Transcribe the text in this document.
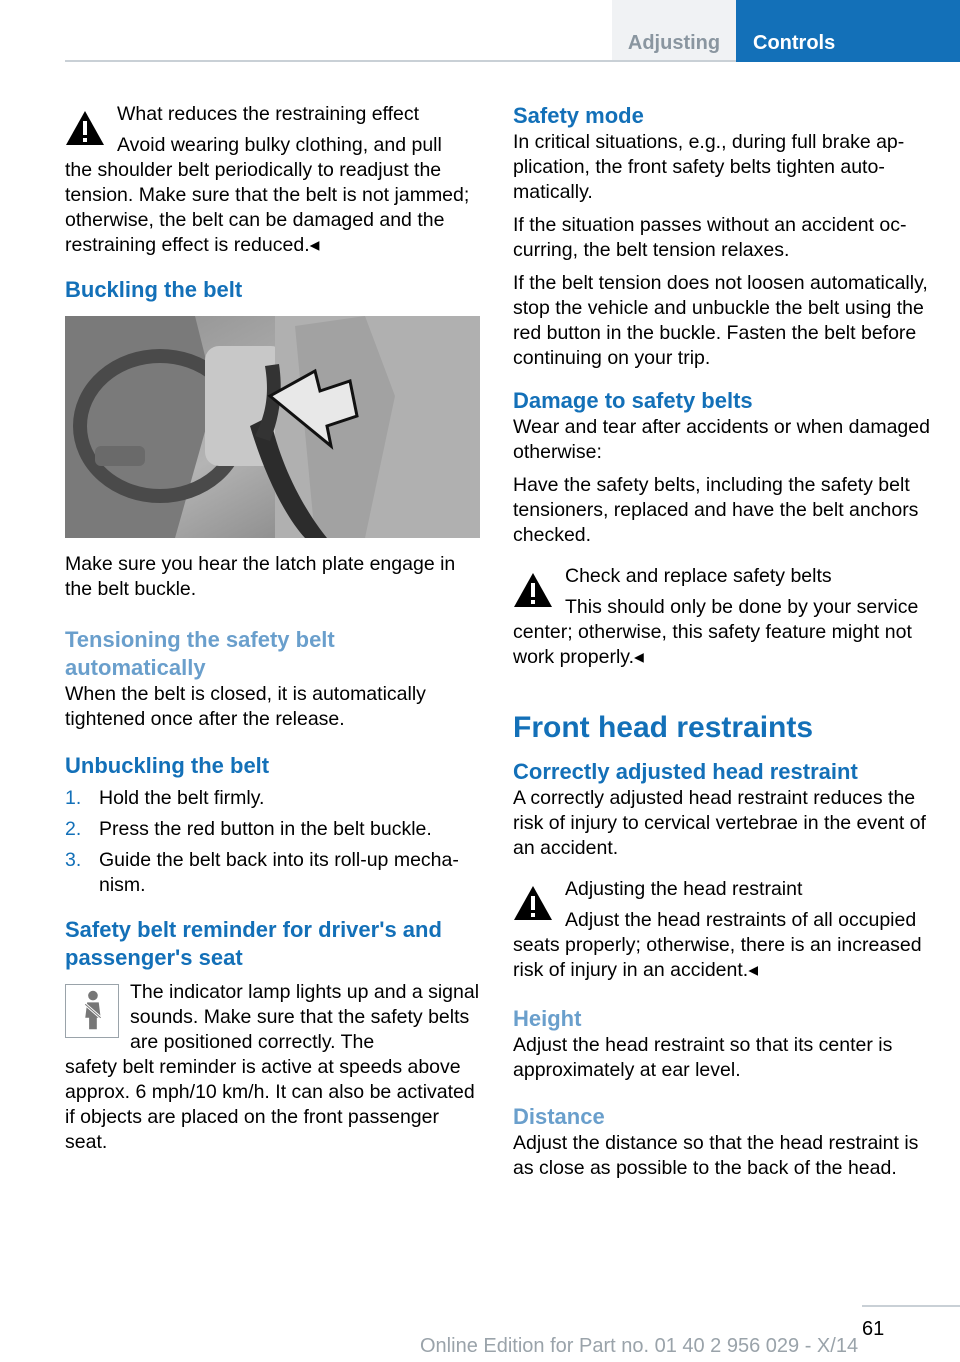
Adjusting	Controls

What reduces the restraining effect

Avoid wearing bulky clothing, and pull
the shoulder belt periodically to readjust the tension. Make sure that the belt is not jammed; otherwise, the belt can be damaged and the restraining effect is reduced.◂

Buckling the belt

Make sure you hear the latch plate engage in the belt buckle.

Tensioning the safety belt automatically

When the belt is closed, it is automatically tightened once after the release.

Unbuckling the belt
1. Hold the belt firmly.
2. Press the red button in the belt buckle.
3. Guide the belt back into its roll-up mechanism.
Safety belt reminder for driver's and passenger's seat

The indicator lamp lights up and a signal sounds. Make sure that the safety belts are positioned correctly. The
safety belt reminder is active at speeds above approx. 6 mph/10 km/h. It can also be activated if objects are placed on the front passenger seat.

Safety mode

In critical situations, e.g., during full brake application, the front safety belts tighten automatically.

If the situation passes without an accident occurring, the belt tension relaxes.

If the belt tension does not loosen automatically, stop the vehicle and unbuckle the belt using the red button in the buckle. Fasten the belt before continuing on your trip.

Damage to safety belts

Wear and tear after accidents or when damaged otherwise:

Have the safety belts, including the safety belt tensioners, replaced and have the belt anchors checked.

Check and replace safety belts

This should only be done by your service
center; otherwise, this safety feature might not work properly.◂

Front head restraints
Correctly adjusted head restraint

A correctly adjusted head restraint reduces the risk of injury to cervical vertebrae in the event of an accident.

Adjusting the head restraint

Adjust the head restraints of all occupied
seats properly; otherwise, there is an increased risk of injury in an accident.◂

Height

Adjust the head restraint so that its center is approximately at ear level.

Distance

Adjust the distance so that the head restraint is as close as possible to the back of the head.

61
Online Edition for Part no. 01 40 2 956 029 - X/14
